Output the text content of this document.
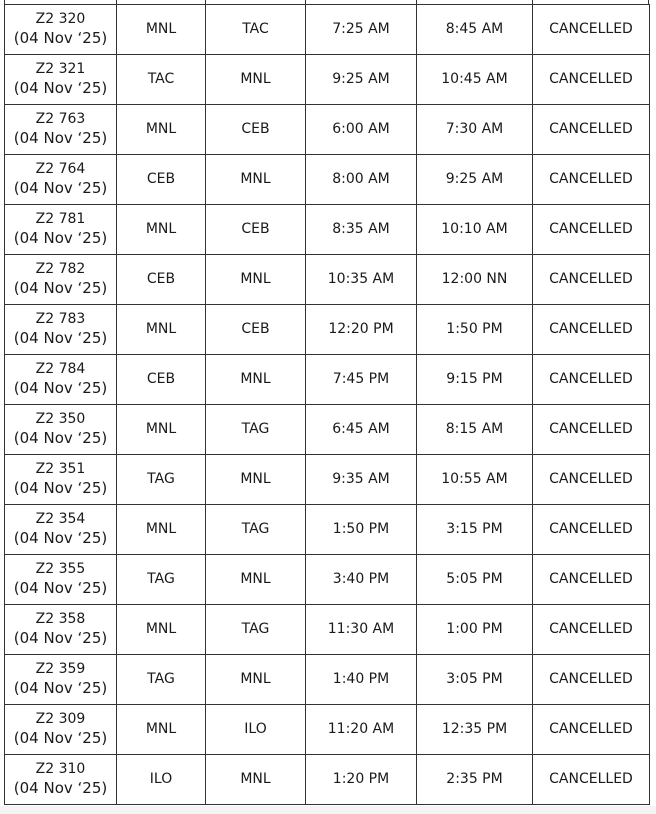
Z2 320
(04 Nov ‘25)	MNL	TAC	7:25 AM	8:45 AM	CANCELLED
Z2 321
(04 Nov ‘25)	TAC	MNL	9:25 AM	10:45 AM	CANCELLED
Z2 763
(04 Nov ‘25)	MNL	CEB	6:00 AM	7:30 AM	CANCELLED
Z2 764
(04 Nov ‘25)	CEB	MNL	8:00 AM	9:25 AM	CANCELLED
Z2 781
(04 Nov ‘25)	MNL	CEB	8:35 AM	10:10 AM	CANCELLED
Z2 782
(04 Nov ‘25)	CEB	MNL	10:35 AM	12:00 NN	CANCELLED
Z2 783
(04 Nov ‘25)	MNL	CEB	12:20 PM	1:50 PM	CANCELLED
Z2 784
(04 Nov ‘25)	CEB	MNL	7:45 PM	9:15 PM	CANCELLED
Z2 350
(04 Nov ‘25)	MNL	TAG	6:45 AM	8:15 AM	CANCELLED
Z2 351
(04 Nov ‘25)	TAG	MNL	9:35 AM	10:55 AM	CANCELLED
Z2 354
(04 Nov ‘25)	MNL	TAG	1:50 PM	3:15 PM	CANCELLED
Z2 355
(04 Nov ‘25)	TAG	MNL	3:40 PM	5:05 PM	CANCELLED
Z2 358
(04 Nov ‘25)	MNL	TAG	11:30 AM	1:00 PM	CANCELLED
Z2 359
(04 Nov ‘25)	TAG	MNL	1:40 PM	3:05 PM	CANCELLED
Z2 309
(04 Nov ‘25)	MNL	ILO	11:20 AM	12:35 PM	CANCELLED
Z2 310
(04 Nov ‘25)	ILO	MNL	1:20 PM	2:35 PM	CANCELLED
